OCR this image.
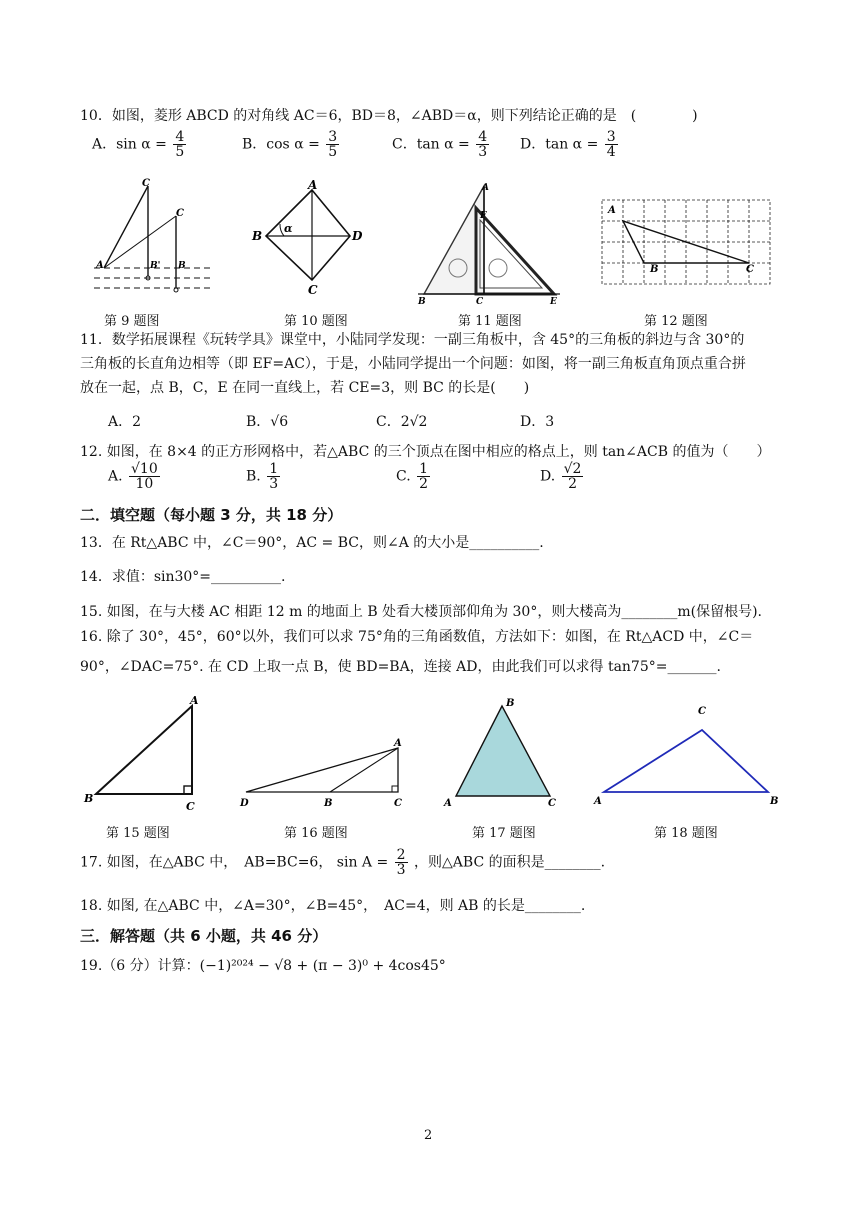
10．如图，菱形 ABCD 的对角线 AC＝6，BD＝8，∠ABD＝α，则下列结论正确的是　(　　　　)
A．$\sin \alpha = \frac{4}{5}$	B．$\cos \alpha = \frac{3}{5}$	C．$\tan \alpha = \frac{4}{3}$ D．$\tan \alpha = \frac{3}{4}$
C
C
A	B' B
第 9 题图
A
B	D
C
α
第 10 题图
A
F
B	C	E
第 11 题图
A
B	C
第 12 题图
11．数学拓展课程《玩转学具》课堂中，小陆同学发现：一副三角板中，含 45°的三角板的斜边与含 30°的
三角板的长直角边相等（即 EF=AC），于是，小陆同学提出一个问题：如图，将一副三角板直角顶点重合拼
放在一起，点 B，C，E 在同一直线上，若 CE=3，则 BC 的长是(　　)
A．2	B．√6	C．2√2	D．3
12. 如图，在 8×4 的正方形网格中，若△ABC 的三个顶点在图中相应的格点上，则 tan∠ACB 的值为（　　）
A. $\frac{√10}{10}$	B. $\frac{1}{3}$	C. $\frac{1}{2}$	D. $\frac{√2}{2}$
二．填空题（每小题 3 分，共 18 分）
13．在 Rt△ABC 中，∠C＝90°，AC = BC，则∠A 的大小是__________.
14．求值：sin30°=__________.
15. 如图，在与大楼 AC 相距 12 m 的地面上 B 处看大楼顶部仰角为 30°，则大楼高为________m(保留根号).
16. 除了 30°，45°，60°以外，我们可以求 75°角的三角函数值，方法如下：如图，在 Rt△ACD 中，∠C＝
90°，∠DAC=75°. 在 CD 上取一点 B，使 BD=BA，连接 AD，由此我们可以求得 tan75°=_______.
A
B
C
第 15 题图
A
D	B	C
第 16 题图
B
A	C
第 17 题图
C
A	B
第 18 题图
17. 如图，在△ABC 中，　AB=BC=6， $\sin A = \frac{2}{3}$ ，则△ABC 的面积是________.
18. 如图, 在△ABC 中，∠A=30°，∠B=45°，　AC=4，则 AB 的长是________.
三．解答题（共 6 小题，共 46 分）
19.（6 分）计算：(−1)²⁰²⁴ − √8 + (π − 3)⁰ + 4cos45°
2
